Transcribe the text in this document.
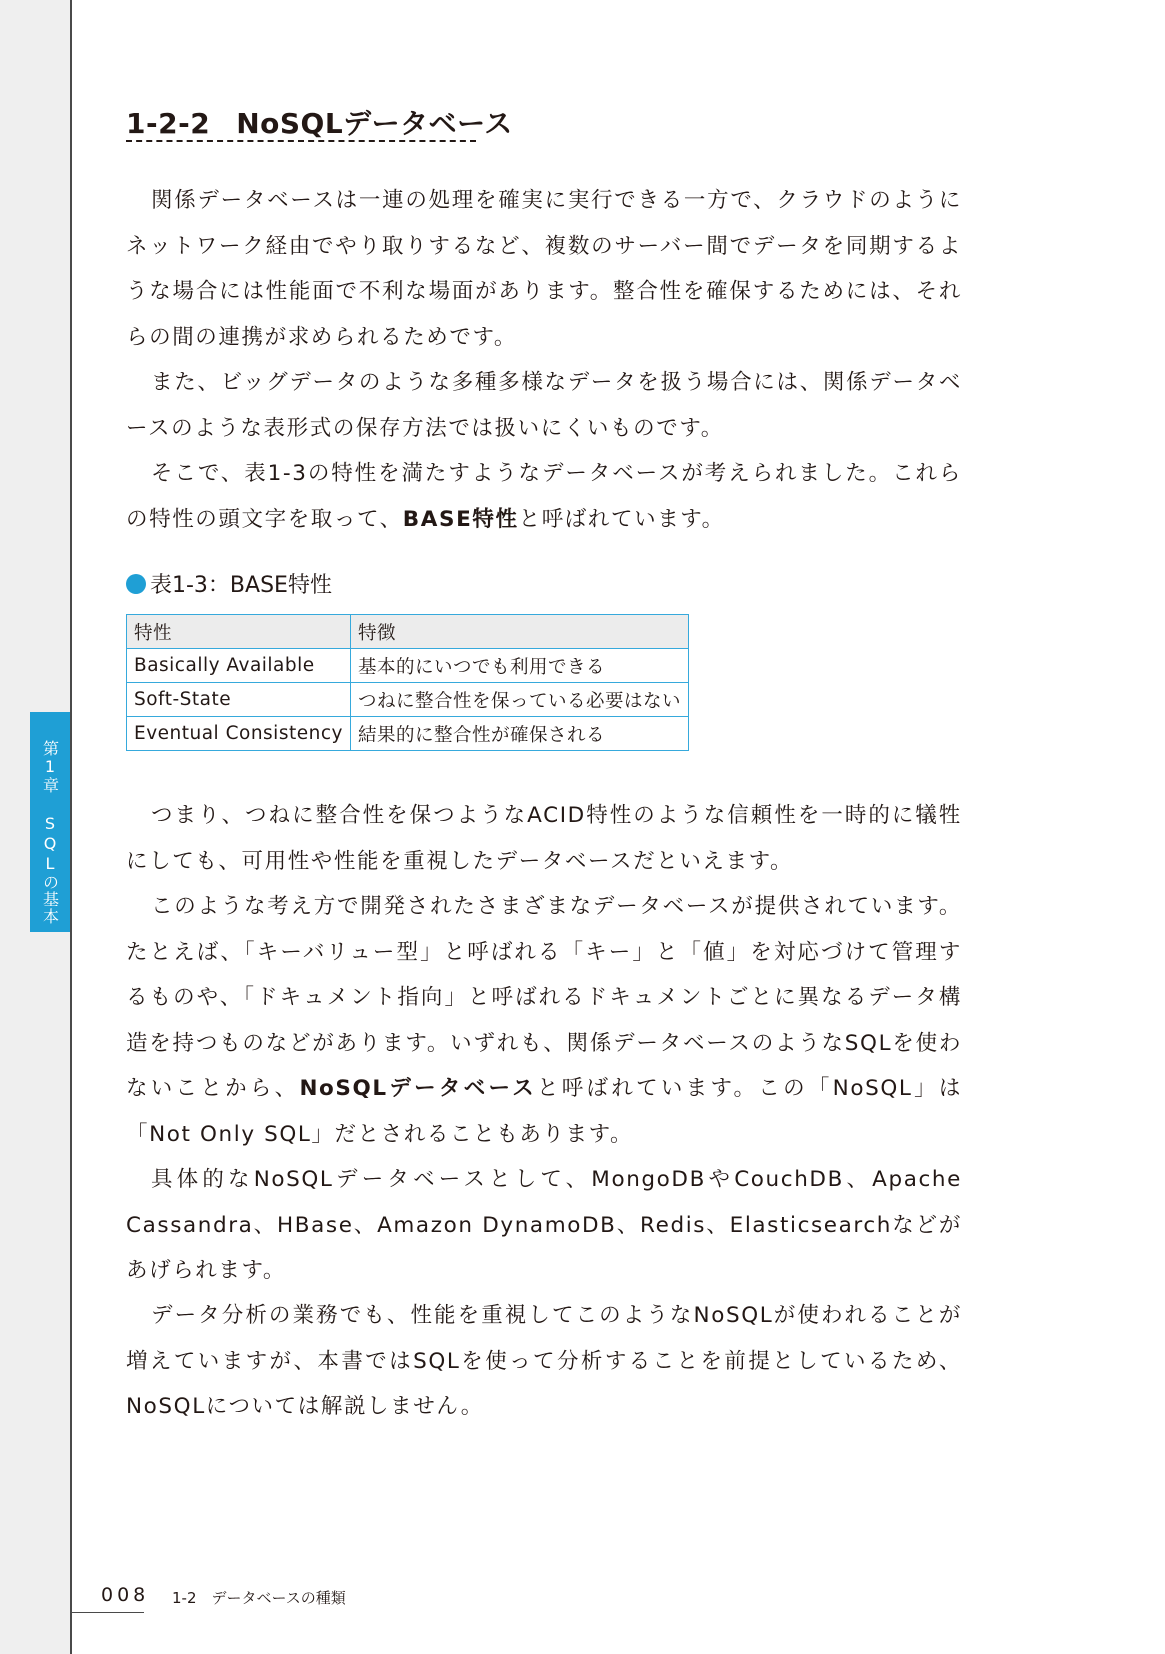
第1章 SQLの基本
1-2-2 NoSQLデータベース

関係データベースは一連の処理を確実に実行できる一方で、クラウドのようにネットワーク経由でやり取りするなど、複数のサーバー間でデータを同期するような場合には性能面で不利な場面があります。整合性を確保するためには、それらの間の連携が求められるためです。

また、ビッグデータのような多種多様なデータを扱う場合には、関係データベースのような表形式の保存方法では扱いにくいものです。

そこで、表1-3の特性を満たすようなデータベースが考えられました。これらの特性の頭文字を取って、BASE特性と呼ばれています。

表1-3：BASE特性
特性	特徴
Basically Available	基本的にいつでも利用できる
Soft-State	つねに整合性を保っている必要はない
Eventual Consistency	結果的に整合性が確保される

つまり、つねに整合性を保つようなACID特性のような信頼性を一時的に犠牲にしても、可用性や性能を重視したデータベースだといえます。

このような考え方で開発されたさまざまなデータベースが提供されています。たとえば、「キーバリュー型」と呼ばれる「キー」と「値」を対応づけて管理するものや、「ドキュメント指向」と呼ばれるドキュメントごとに異なるデータ構造を持つものなどがあります。いずれも、関係データベースのようなSQLを使わないことから、NoSQLデータベースと呼ばれています。この「NoSQL」は「Not Only SQL」だとされることもあります。

具体的なNoSQLデータベースとして、MongoDBやCouchDB、Apache Cassandra、HBase、Amazon DynamoDB、Redis、Elasticsearchなどがあげられます。

データ分析の業務でも、性能を重視してこのようなNoSQLが使われることが増えていますが、本書ではSQLを使って分析することを前提としているため、NoSQLについては解説しません。

008 1-2　データベースの種類
